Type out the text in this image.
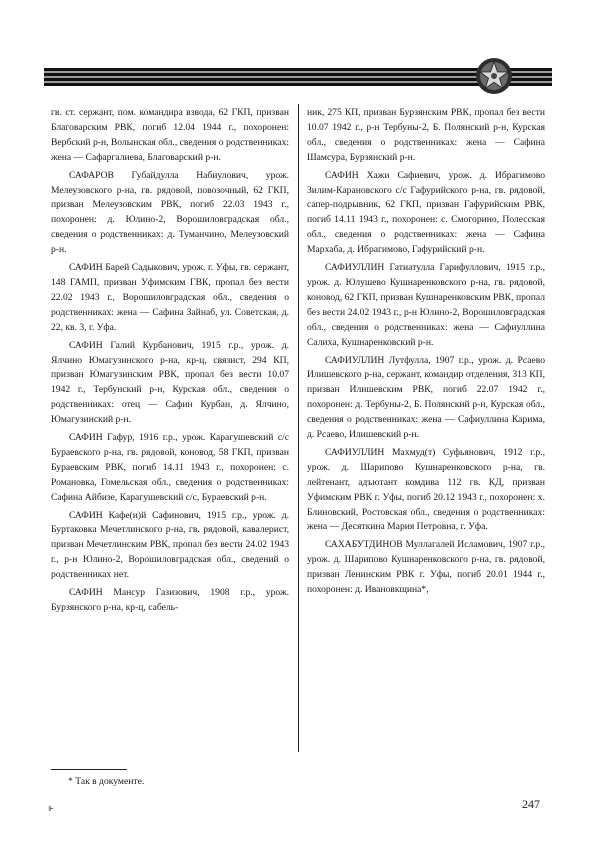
гв. ст. сержант, пом. командира взвода, 62 ГКП, призван Благоварским РВК, погиб 12.04 1944 г., похоронен: Вербский р-н, Волынская обл., сведения о родственниках: жена — Сафаргалиева, Благоварский р-н.

САФАРОВ Губайдулла Набиулович, урож. Мелеузовского р-на, гв. рядовой, повозочный, 62 ГКП, призван Мелеузовским РВК, погиб 22.03 1943 г., похоронен: д. Юлино-2, Ворошиловградская обл., сведения о родственниках: д. Туманчино, Мелеузовский р-н.

САФИН Барей Садыкович, урож. г. Уфы, гв. сержант, 148 ГАМП, призван Уфимским ГВК, пропал без вести 22.02 1943 г., Ворошиловградская обл., сведения о родственниках: жена — Сафина Зайнаб, ул. Советская, д. 22, кв. 3, г. Уфа.

САФИН Галий Курбанович, 1915 г.р., урож. д. Ялчино Юмагузинского р-на, кр-ц, связист, 294 КП, призван Юмагузинским РВК, пропал без вести 10.07 1942 г., Тербунский р-н, Курская обл., сведения о родственниках: отец — Сафин Курбан, д. Ялчино, Юмагузинский р-н.

САФИН Гафур, 1916 г.р., урож. Карагушевский с/с Бураевского р-на, гв. рядовой, коновод, 58 ГКП, призван Бураевским РВК, погиб 14.11 1943 г., похоронен: с. Романовка, Гомельская обл., сведения о родственниках: Сафина Айбизе, Карагушевский с/с, Бураевский р-н.

САФИН Кафе(и)й Сафинович, 1915 г.р., урож. д. Буртаковка Мечетлинского р-на, гв. рядовой, кавалерист, призван Мечетлинским РВК, пропал без вести 24.02 1943 г., р-н Юлино-2, Ворошиловградская обл., сведений о родственниках нет.

САФИН Мансур Газизович, 1908 г.р., урож. Бурзянского р-на, кр-ц, сабель-

ник, 275 КП, призван Бурзянским РВК, пропал без вести 10.07 1942 г., р-н Тербуны-2, Б. Полянский р-н, Курская обл., сведения о родственниках: жена — Сафина Шамсура, Бурзянский р-н.

САФИН Хажи Сафиевич, урож. д. Ибрагимово Зилим-Карановского с/с Гафурийского р-на, гв. рядовой, сапер-подрывник, 62 ГКП, призван Гафурийским РВК, погиб 14.11 1943 г., похоронен: с. Смогорино, Полесская обл., сведения о родственниках: жена — Сафина Мархаба, д. Ибрагимово, Гафурийский р-н.

САФИУЛЛИН Гатиатулла Гарифуллович, 1915 г.р., урож. д. Юлушево Кушнаренковского р-на, гв. рядовой, коновод, 62 ГКП, призван Кушнаренковским РВК, пропал без вести 24.02 1943 г., р-н Юлино-2, Ворошиловградская обл., сведения о родственниках: жена — Сафиуллина Салиха, Кушнаренковский р-н.

САФИУЛЛИН Лутфулла, 1907 г.р., урож. д. Рсаево Илишевского р-на, сержант, командир отделения, 313 КП, призван Илишевским РВК, погиб 22.07 1942 г., похоронен: д. Тербуны-2, Б. Полянский р-н, Курская обл., сведения о родственниках: жена — Сафиуллина Карима, д. Рсаево, Илишевский р-н.

САФИУЛЛИН Махмуд(т) Суфьянович, 1912 г.р., урож. д. Шарипово Кушнаренковского р-на, гв. лейтенант, адъютант комдива 112 гв. КД, призван Уфимским РВК г. Уфы, погиб 20.12 1943 г., похоронен: х. Блиновский, Ростовская обл., сведения о родственниках: жена — Десяткина Мария Петровна, г. Уфа.

САХАБУТДИНОВ Муллагалей Исламович, 1907 г.р., урож. д. Шарипово Кушнаренковского р-на, гв. рядовой, призван Ленинским РВК г. Уфы, погиб 20.01 1944 г., похоронен: д. Ивановкщина*,

* Так в документе.
247
⊩
